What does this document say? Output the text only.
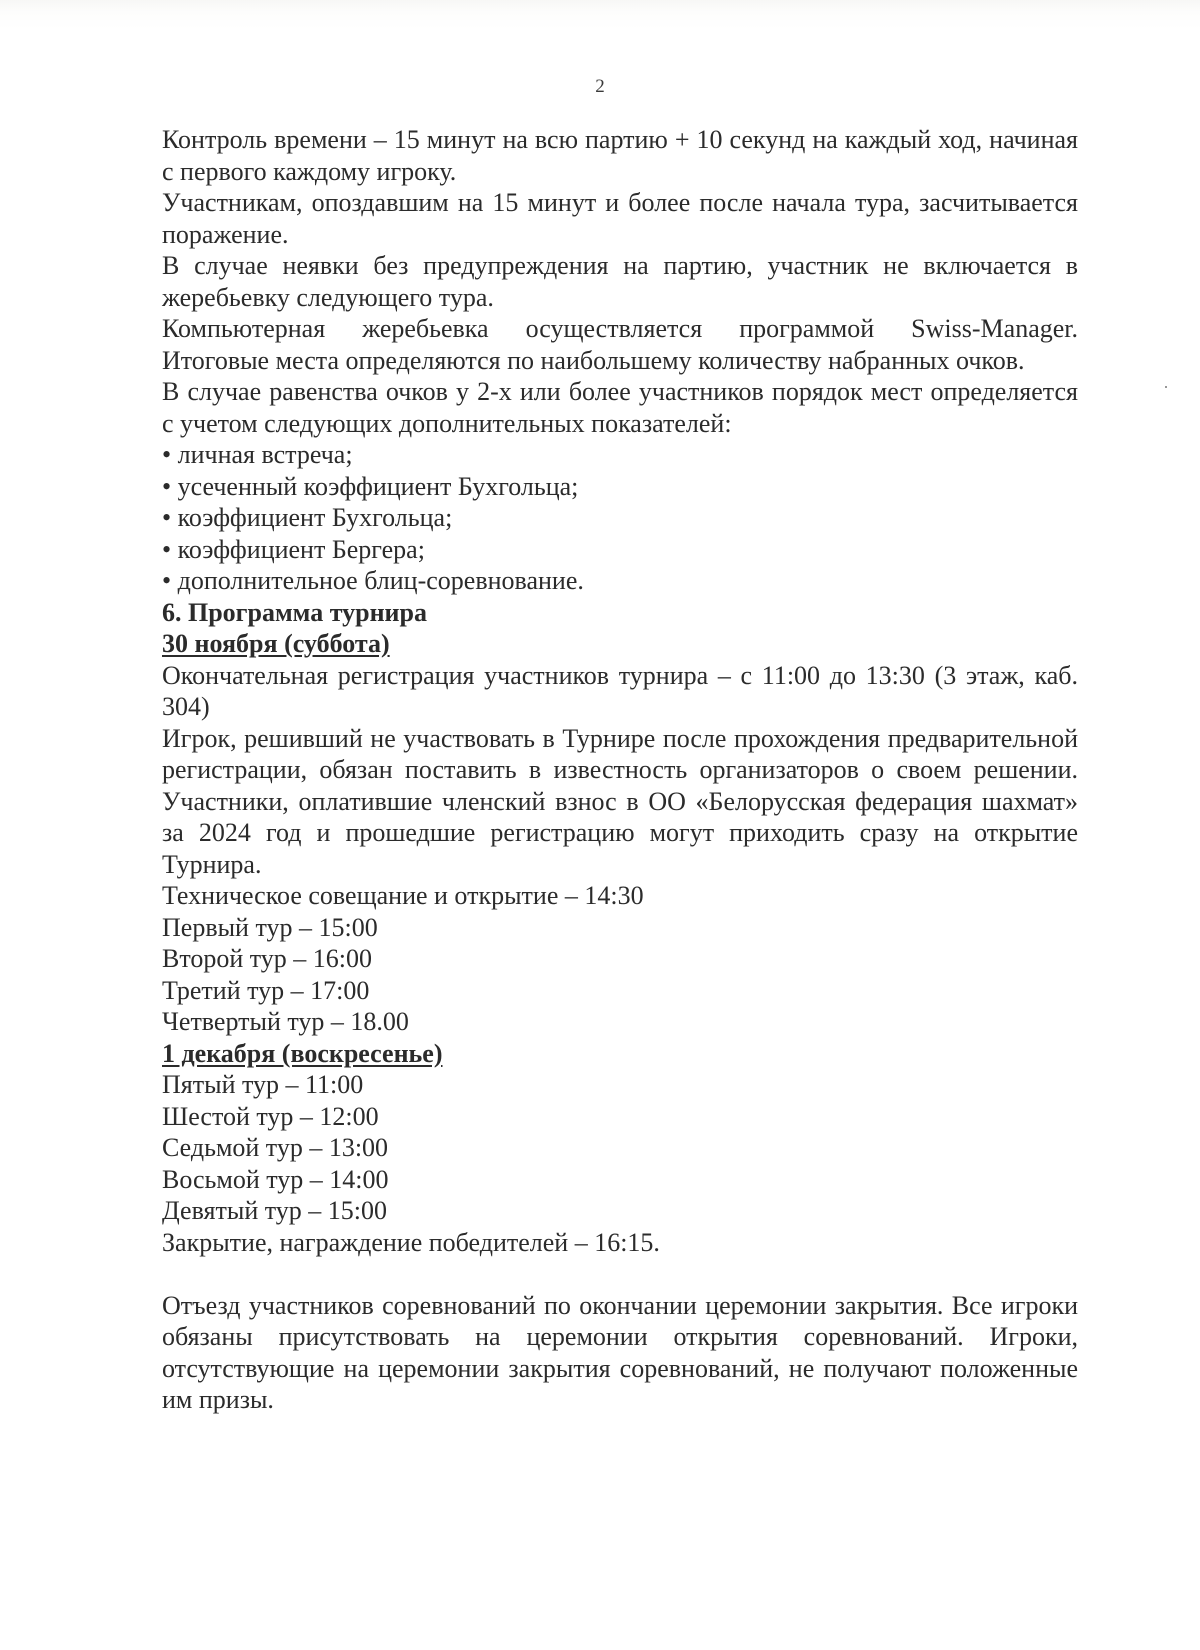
2

Контроль времени – 15 минут на всю партию + 10 секунд на каждый ход, начиная с первого каждому игроку.

Участникам, опоздавшим на 15 минут и более после начала тура, засчитывается поражение.

В случае неявки без предупреждения на партию, участник не включается в жеребьевку следующего тура.

Компьютерная жеребьевка осуществляется программой Swiss-Manager.

Итоговые места определяются по наибольшему количеству набранных очков.

В случае равенства очков у 2-х или более участников порядок мест определяется с учетом следующих дополнительных показателей:

• личная встреча;
• усеченный коэффициент Бухгольца;
• коэффициент Бухгольца;
• коэффициент Бергера;
• дополнительное блиц-соревнование.

6. Программа турнира

30 ноября (суббота)

Окончательная регистрация участников турнира – с 11:00 до 13:30 (3 этаж, каб. 304)

Игрок, решивший не участвовать в Турнире после прохождения предварительной регистрации, обязан поставить в известность организаторов о своем решении. Участники, оплатившие членский взнос в ОО «Белорусская федерация шахмат» за 2024 год и прошедшие регистрацию могут приходить сразу на открытие Турнира.

Техническое совещание и открытие – 14:30
Первый тур – 15:00
Второй тур – 16:00
Третий тур – 17:00
Четвертый тур – 18.00

1 декабря (воскресенье)

Пятый тур – 11:00
Шестой тур – 12:00
Седьмой тур – 13:00
Восьмой тур – 14:00
Девятый тур – 15:00
Закрытие, награждение победителей – 16:15.

Отъезд участников соревнований по окончании церемонии закрытия. Все игроки обязаны присутствовать на церемонии открытия соревнований. Игроки, отсутствующие на церемонии закрытия соревнований, не получают положенные им призы.
